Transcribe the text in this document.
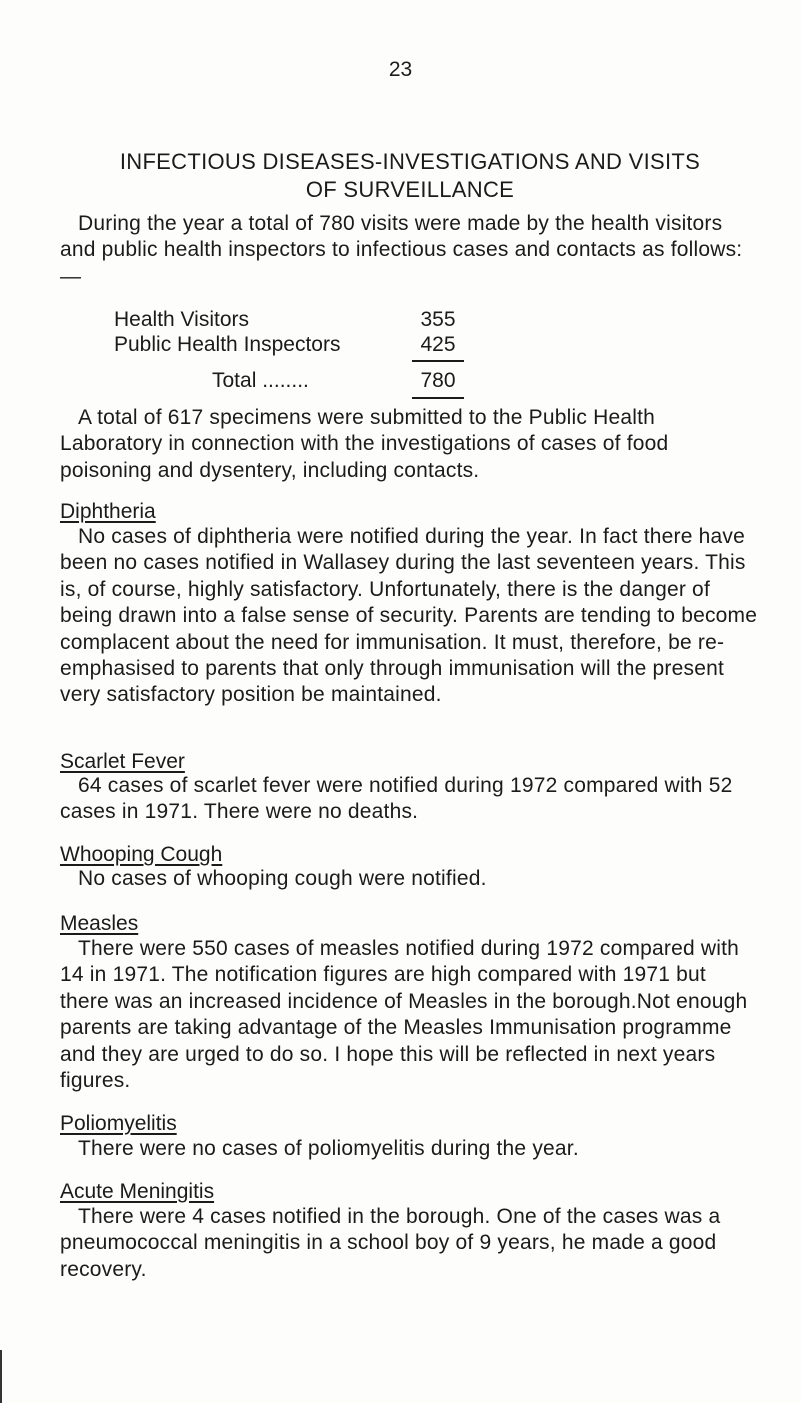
23
INFECTIOUS DISEASES-INVESTIGATIONS AND VISITS
OF SURVEILLANCE

During the year a total of 780 visits were made by the health visitors and public health inspectors to infectious cases and contacts as follows:—

Health Visitors	355
Public Health Inspectors	425
Total ........	780

A total of 617 specimens were submitted to the Public Health Laboratory in connection with the investigations of cases of food poisoning and dysentery, including contacts.

Diphtheria

No cases of diphtheria were notified during the year. In fact there have been no cases notified in Wallasey during the last seventeen years. This is, of course, highly satisfactory. Unfortunately, there is the danger of being drawn into a false sense of security. Parents are tending to become complacent about the need for immunisation. It must, therefore, be re-emphasised to parents that only through immunisation will the present very satisfactory position be maintained.

Scarlet Fever

64 cases of scarlet fever were notified during 1972 compared with 52 cases in 1971. There were no deaths.

Whooping Cough

No cases of whooping cough were notified.

Measles

There were 550 cases of measles notified during 1972 compared with 14 in 1971. The notification figures are high compared with 1971 but there was an increased incidence of Measles in the borough.Not enough parents are taking advantage of the Measles Immunisation programme and they are urged to do so. I hope this will be reflected in next years figures.

Poliomyelitis

There were no cases of poliomyelitis during the year.

Acute Meningitis

There were 4 cases notified in the borough. One of the cases was a pneumococcal meningitis in a school boy of 9 years, he made a good recovery.
